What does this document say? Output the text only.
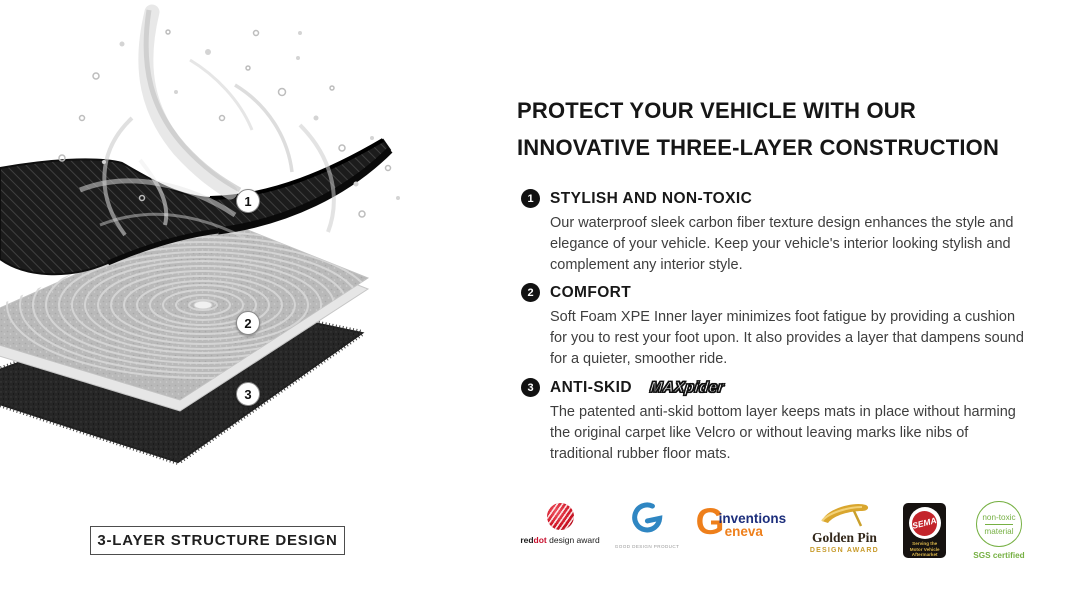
1
2
3
3-LAYER STRUCTURE DESIGN
PROTECT YOUR VEHICLE WITH OUR
INNOVATIVE THREE-LAYER CONSTRUCTION
1	STYLISH AND NON-TOXIC
Our waterproof sleek carbon fiber texture design enhances the style and elegance of your vehicle. Keep your vehicle's interior looking stylish and complement any interior style.
2	COMFORT
Soft Foam XPE Inner layer minimizes foot fatigue by providing a cushion for you to rest your foot upon. It also provides a layer that dampens sound for a quieter, smoother ride.
3	ANTI-SKID MAXpider
The patented anti-skid bottom layer keeps mats in place without harming the original carpet like Velcro or without leaving marks like nibs of traditional rubber floor mats.
reddot design award
GOOD DESIGN PRODUCT
G
inventions
eneva	Golden Pin
DESIGN AWARD
SEMA
Serving the Motor Vehicle Aftermarket
non-toxic
material
SGS certified
